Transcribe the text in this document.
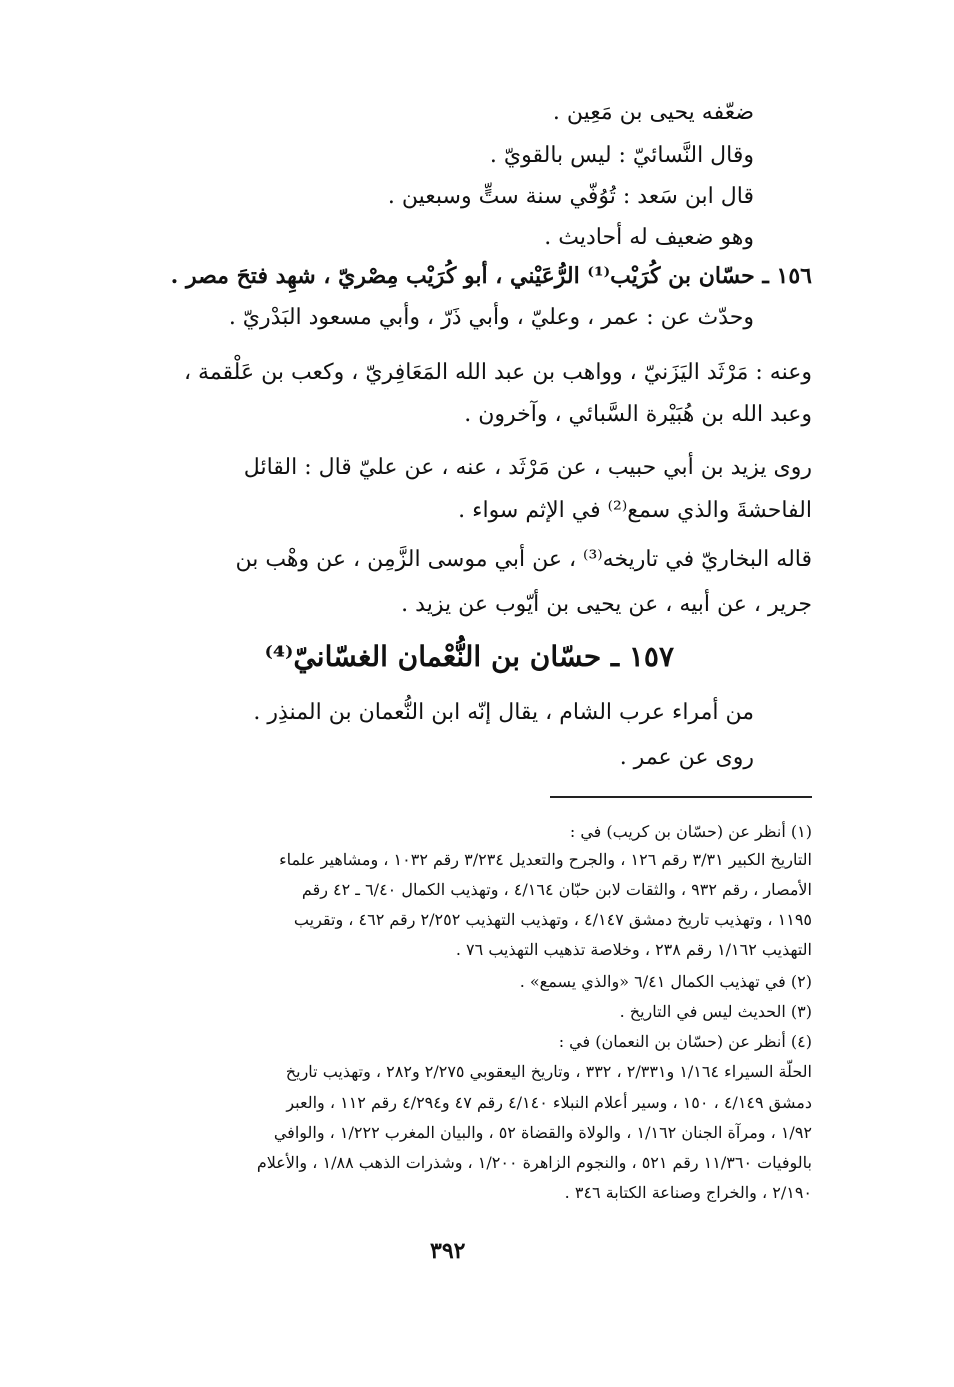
ضعّفه يحيى بن مَعِين .

وقال النَّسائيّ : ليس بالقويّ .

قال ابن سَعد : تُوُفّي سنة ستٍّ وسبعين .

وهو ضعيف له أحاديث .

١٥٦ ـ حسّان بن كُرَيْب⁽¹⁾ الرُّعَيْني ، أبو كُرَيْب مِصْريّ ، شهِد فتحَ مصر .

وحدّث عن : عمر ، وعليّ ، وأبي ذَرّ ، وأبي مسعود البَدْريّ .

وعنه : مَرْثَد اليَزَنيّ ، وواهب بن عبد الله المَعَافِريّ ، وكعب بن عَلْقمة ،

وعبد الله بن هُبَيْرة السَّبائي ، وآخرون .

روى يزيد بن أبي حبيب ، عن مَرْثَد ، عنه ، عن عليّ قال : القائل

الفاحشةَ والذي سمع⁽²⁾ في الإثم سواء .

قاله البخاريّ في تاريخه⁽³⁾ ، عن أبي موسى الزَّمِن ، عن وهْب بن

جرير ، عن أبيه ، عن يحيى بن أيّوب عن يزيد .

١٥٧ ـ حسّان بن النُّعْمان الغسّانيّ⁽⁴⁾

من أمراء عرب الشام ، يقال إنّه ابن النُّعمان بن المنذِر .

روى عن عمر .

(١) أنظر عن (حسّان بن كريب) في :

التاريخ الكبير ٣/٣١ رقم ١٢٦ ، والجرح والتعديل ٣/٢٣٤ رقم ١٠٣٢ ، ومشاهير علماء

الأمصار ، رقم ٩٣٢ ، والثقات لابن حبّان ٤/١٦٤ ، وتهذيب الكمال ٦/٤٠ ـ ٤٢ رقم

١١٩٥ ، وتهذيب تاريخ دمشق ٤/١٤٧ ، وتهذيب التهذيب ٢/٢٥٢ رقم ٤٦٢ ، وتقريب

التهذيب ١/١٦٢ رقم ٢٣٨ ، وخلاصة تذهيب التهذيب ٧٦ .

(٢) في تهذيب الكمال ٦/٤١ «والذي يسمع» .

(٣) الحديث ليس في التاريخ .

(٤) أنظر عن (حسّان بن النعمان) في :

الحلّة السيراء ١/١٦٤ و٢/٣٣١ ، ٣٣٢ ، وتاريخ اليعقوبي ٢/٢٧٥ و٢٨٢ ، وتهذيب تاريخ

دمشق ٤/١٤٩ ، ١٥٠ ، وسير أعلام النبلاء ٤/١٤٠ رقم ٤٧ و٤/٢٩٤ رقم ١١٢ ، والعبر

١/٩٢ ، ومرآة الجنان ١/١٦٢ ، والولاة والقضاة ٥٢ ، والبيان المغرب ١/٢٢٢ ، والوافي

بالوفيات ١١/٣٦٠ رقم ٥٢١ ، والنجوم الزاهرة ١/٢٠٠ ، وشذرات الذهب ١/٨٨ ، والأعلام

٢/١٩٠ ، والخراج وصناعة الكتابة ٣٤٦ .

٣٩٢
